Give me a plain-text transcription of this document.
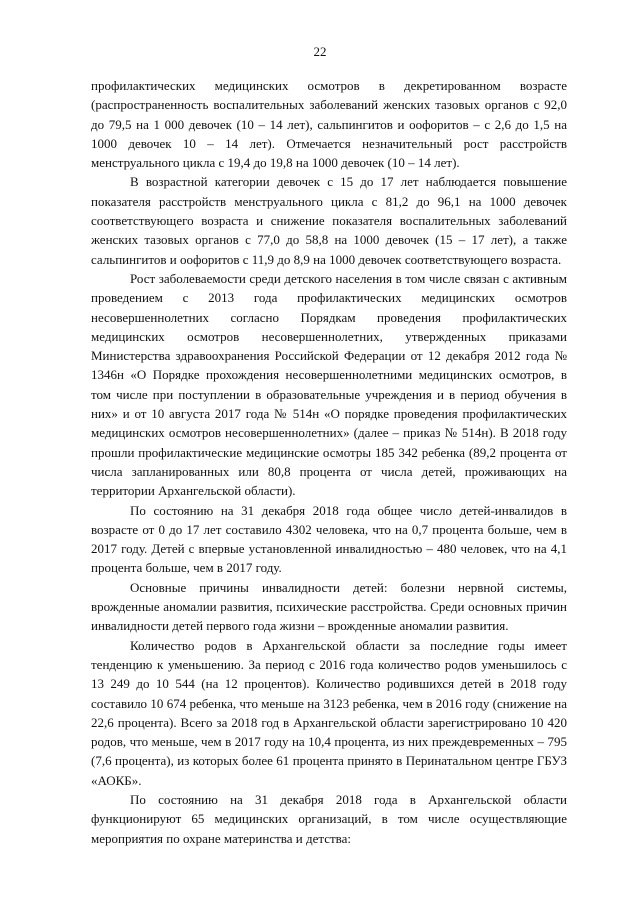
22

профилактических медицинских осмотров в декретированном возрасте (распространенность воспалительных заболеваний женских тазовых органов с 92,0 до 79,5 на 1 000 девочек (10 – 14 лет), сальпингитов и оофоритов – с 2,6 до 1,5 на 1000 девочек 10 – 14 лет). Отмечается незначительный рост расстройств менструального цикла с 19,4 до 19,8 на 1000 девочек (10 – 14 лет).

В возрастной категории девочек с 15 до 17 лет наблюдается повышение показателя расстройств менструального цикла с 81,2 до 96,1 на 1000 девочек соответствующего возраста и снижение показателя воспалительных заболеваний женских тазовых органов с 77,0 до 58,8 на 1000 девочек (15 – 17 лет), а также сальпингитов и оофоритов с 11,9 до 8,9 на 1000 девочек соответствующего возраста.

Рост заболеваемости среди детского населения в том числе связан с активным проведением с 2013 года профилактических медицинских осмотров несовершеннолетних согласно Порядкам проведения профилактических медицинских осмотров несовершеннолетних, утвержденных приказами Министерства здравоохранения Российской Федерации от 12 декабря 2012 года № 1346н «О Порядке прохождения несовершеннолетними медицинских осмотров, в том числе при поступлении в образовательные учреждения и в период обучения в них» и от 10 августа 2017 года № 514н «О порядке проведения профилактических медицинских осмотров несовершеннолетних» (далее – приказ № 514н). В 2018 году прошли профилактические медицинские осмотры 185 342 ребенка (89,2 процента от числа запланированных или 80,8 процента от числа детей, проживающих на территории Архангельской области).

По состоянию на 31 декабря 2018 года общее число детей-инвалидов в возрасте от 0 до 17 лет составило 4302 человека, что на 0,7 процента больше, чем в 2017 году. Детей с впервые установленной инвалидностью – 480 человек, что на 4,1 процента больше, чем в 2017 году.

Основные причины инвалидности детей: болезни нервной системы, врожденные аномалии развития, психические расстройства. Среди основных причин инвалидности детей первого года жизни – врожденные аномалии развития.

Количество родов в Архангельской области за последние годы имеет тенденцию к уменьшению. За период с 2016 года количество родов уменьшилось с 13 249 до 10 544 (на 12 процентов). Количество родившихся детей в 2018 году составило 10 674 ребенка, что меньше на 3123 ребенка, чем в 2016 году (снижение на 22,6 процента). Всего за 2018 год в Архангельской области зарегистрировано 10 420 родов, что меньше, чем в 2017 году на 10,4 процента, из них преждевременных – 795 (7,6 процента), из которых более 61 процента принято в Перинатальном центре ГБУЗ «АОКБ».

По состоянию на 31 декабря 2018 года в Архангельской области функционируют 65 медицинских организаций, в том числе осуществляющие мероприятия по охране материнства и детства:
